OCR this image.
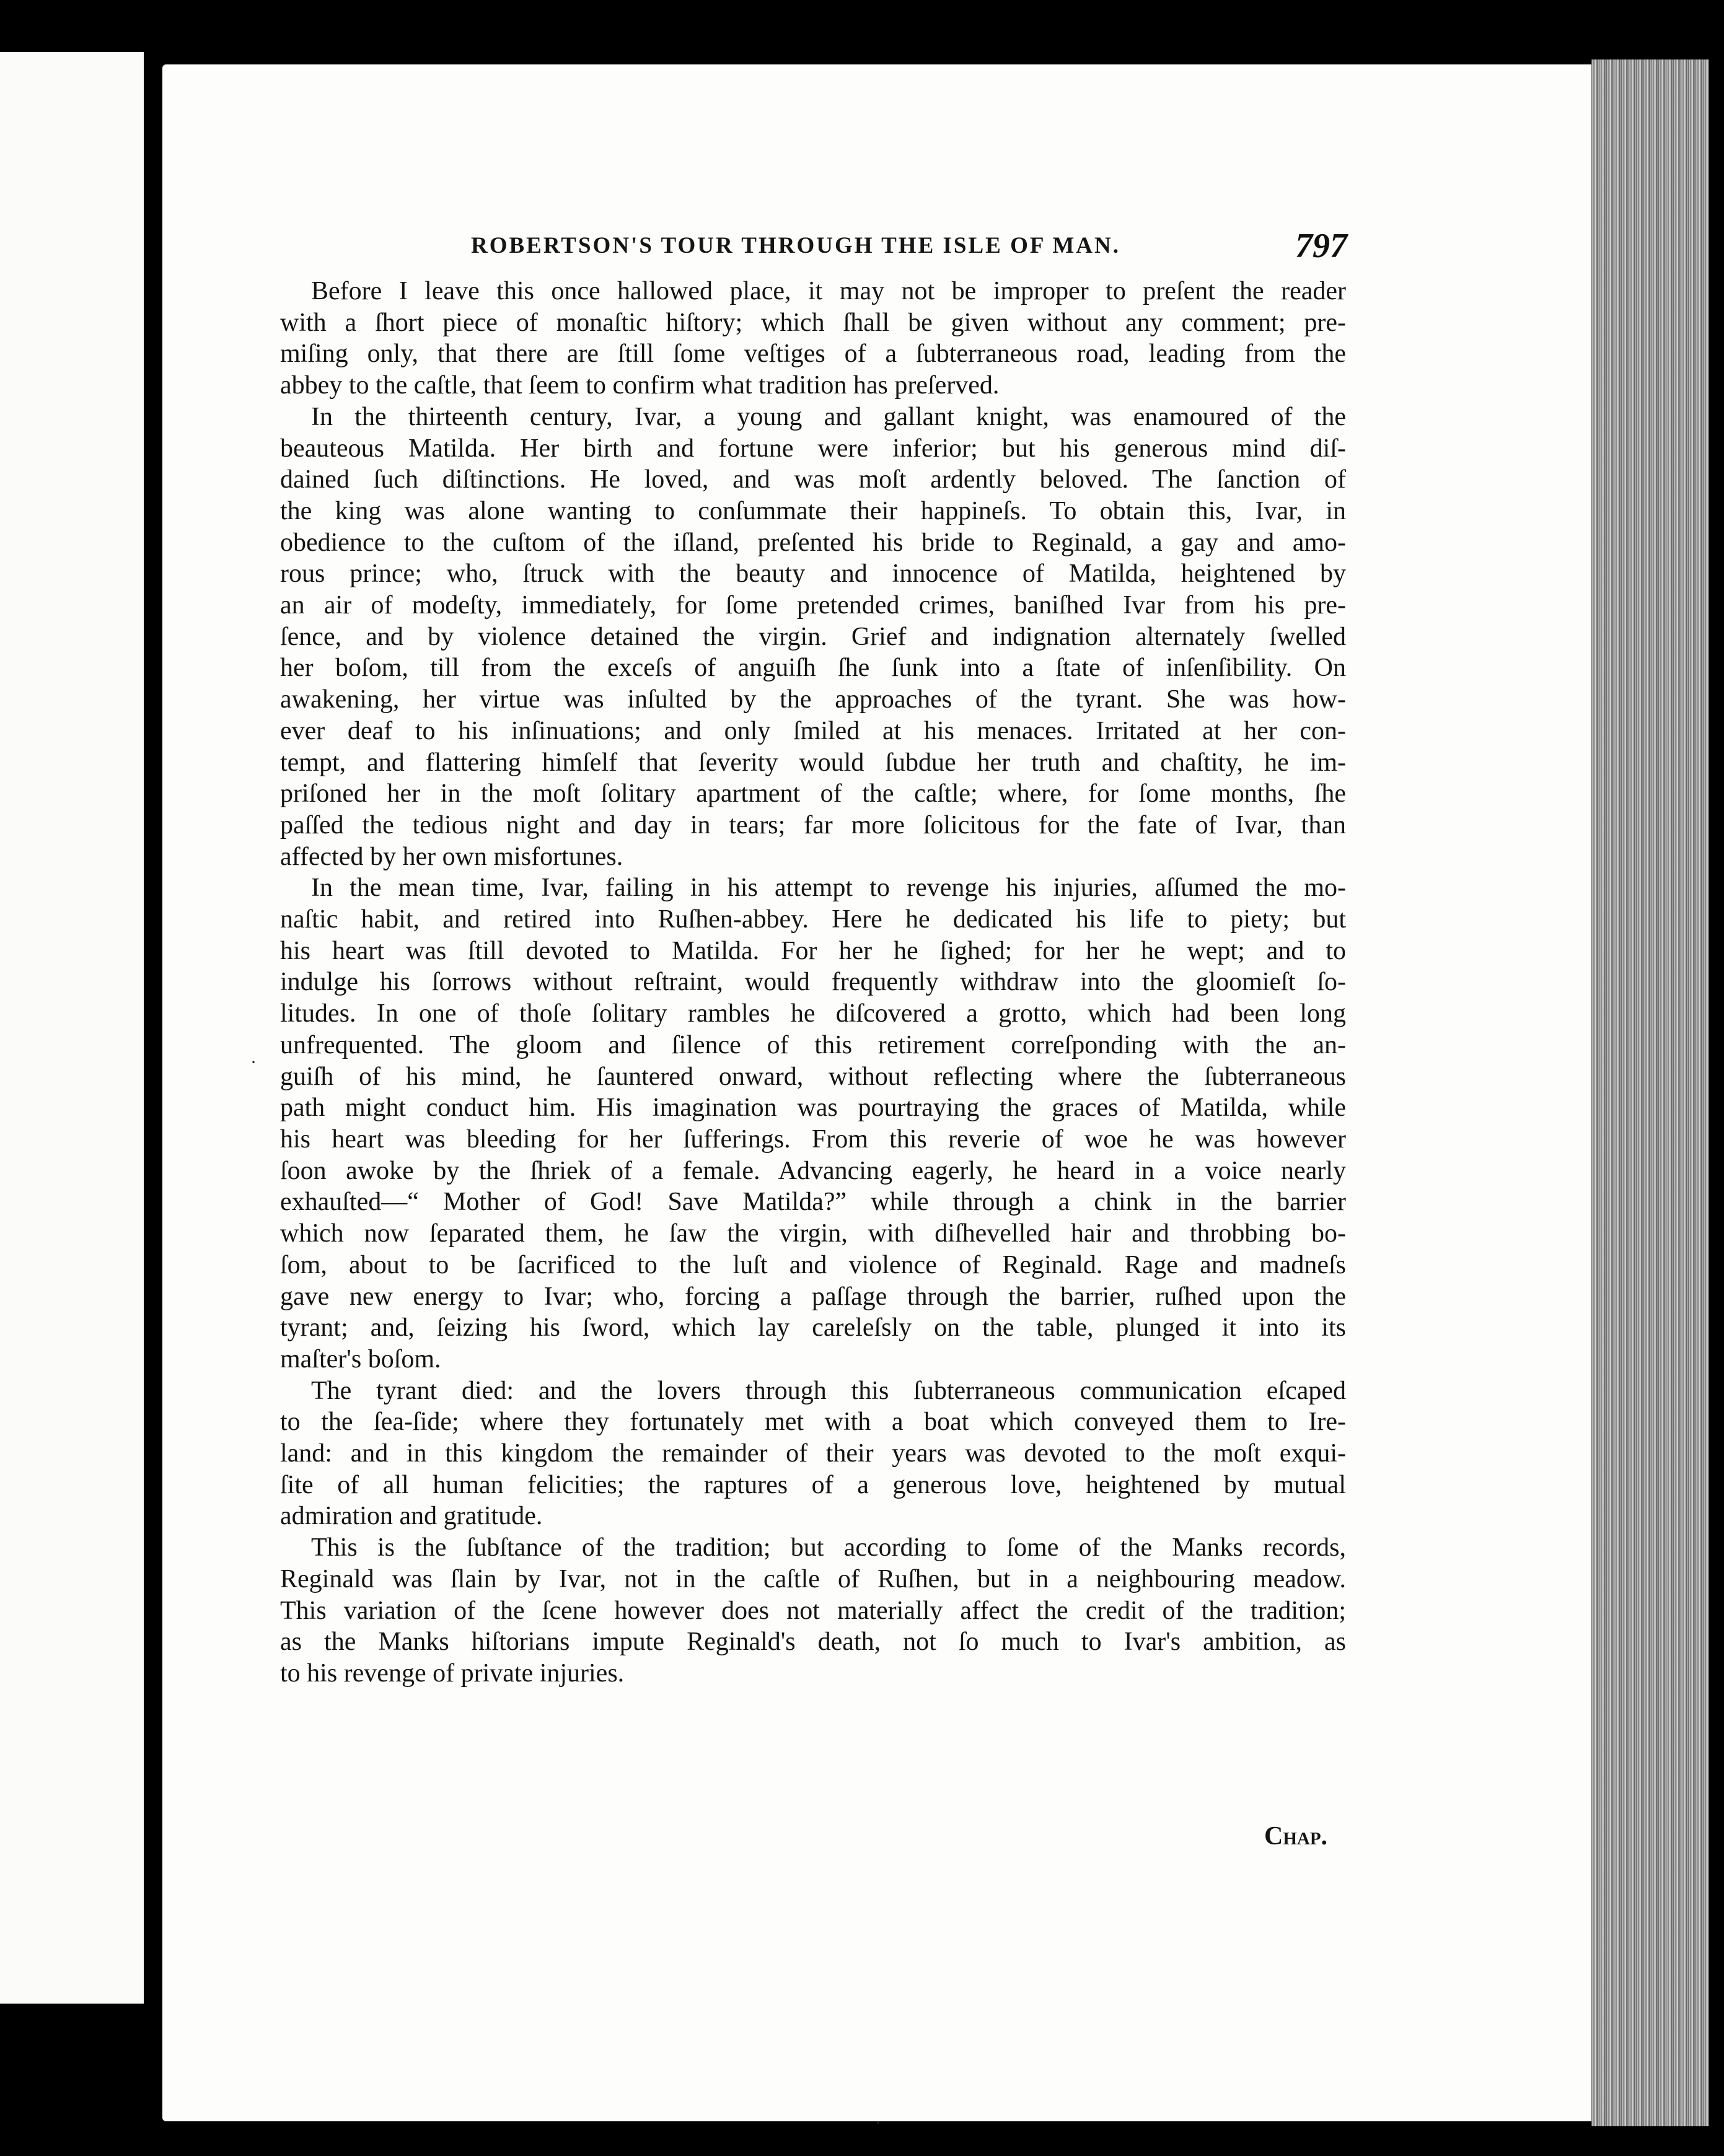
ROBERTSON'S TOUR THROUGH THE ISLE OF MAN.	797
Before I leave this once hallowed place, it may not be improper to preſent the reader
with a ſhort piece of monaſtic hiſtory; which ſhall be given without any comment; pre-
miſing only, that there are ſtill ſome veſtiges of a ſubterraneous road, leading from the
abbey to the caſtle, that ſeem to confirm what tradition has preſerved.
In the thirteenth century, Ivar, a young and gallant knight, was enamoured of the
beauteous Matilda. Her birth and fortune were inferior; but his generous mind diſ-
dained ſuch diſtinctions. He loved, and was moſt ardently beloved. The ſanction of
the king was alone wanting to conſummate their happineſs. To obtain this, Ivar, in
obedience to the cuſtom of the iſland, preſented his bride to Reginald, a gay and amo-
rous prince; who, ſtruck with the beauty and innocence of Matilda, heightened by
an air of modeſty, immediately, for ſome pretended crimes, baniſhed Ivar from his pre-
ſence, and by violence detained the virgin. Grief and indignation alternately ſwelled
her boſom, till from the exceſs of anguiſh ſhe ſunk into a ſtate of inſenſibility. On
awakening, her virtue was inſulted by the approaches of the tyrant. She was how-
ever deaf to his inſinuations; and only ſmiled at his menaces. Irritated at her con-
tempt, and flattering himſelf that ſeverity would ſubdue her truth and chaſtity, he im-
priſoned her in the moſt ſolitary apartment of the caſtle; where, for ſome months, ſhe
paſſed the tedious night and day in tears; far more ſolicitous for the fate of Ivar, than
affected by her own misfortunes.
In the mean time, Ivar, failing in his attempt to revenge his injuries, aſſumed the mo-
naſtic habit, and retired into Ruſhen-abbey. Here he dedicated his life to piety; but
his heart was ſtill devoted to Matilda. For her he ſighed; for her he wept; and to
indulge his ſorrows without reſtraint, would frequently withdraw into the gloomieſt ſo-
litudes. In one of thoſe ſolitary rambles he diſcovered a grotto, which had been long
unfrequented. The gloom and ſilence of this retirement correſponding with the an-
guiſh of his mind, he ſauntered onward, without reflecting where the ſubterraneous
path might conduct him. His imagination was pourtraying the graces of Matilda, while
his heart was bleeding for her ſufferings. From this reverie of woe he was however
ſoon awoke by the ſhriek of a female. Advancing eagerly, he heard in a voice nearly
exhauſted—“ Mother of God! Save Matilda?” while through a chink in the barrier
which now ſeparated them, he ſaw the virgin, with diſhevelled hair and throbbing bo-
ſom, about to be ſacrificed to the luſt and violence of Reginald. Rage and madneſs
gave new energy to Ivar; who, forcing a paſſage through the barrier, ruſhed upon the
tyrant; and, ſeizing his ſword, which lay careleſsly on the table, plunged it into its
maſter's boſom.
The tyrant died: and the lovers through this ſubterraneous communication eſcaped
to the ſea-ſide; where they fortunately met with a boat which conveyed them to Ire-
land: and in this kingdom the remainder of their years was devoted to the moſt exqui-
ſite of all human felicities; the raptures of a generous love, heightened by mutual
admiration and gratitude.
This is the ſubſtance of the tradition; but according to ſome of the Manks records,
Reginald was ſlain by Ivar, not in the caſtle of Ruſhen, but in a neighbouring meadow.
This variation of the ſcene however does not materially affect the credit of the tradition;
as the Manks hiſtorians impute Reginald's death, not ſo much to Ivar's ambition, as
to his revenge of private injuries.
Chap.
·
·
